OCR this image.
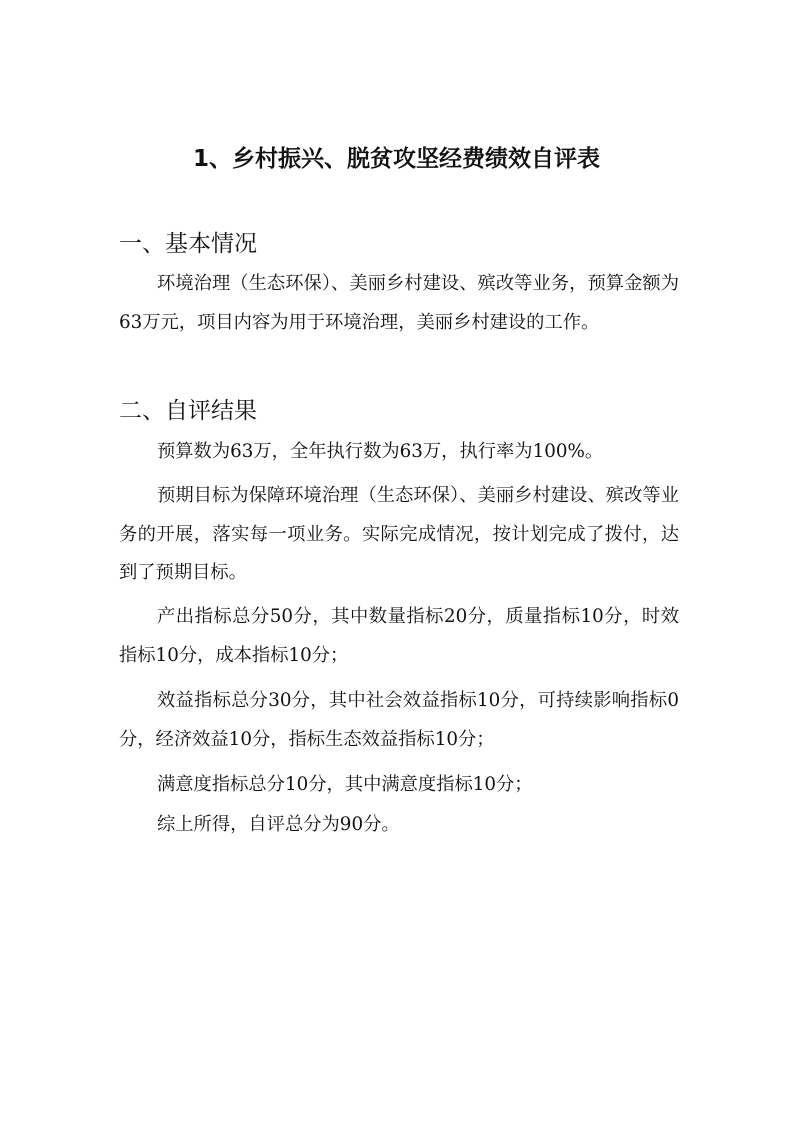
1、乡村振兴、脱贫攻坚经费绩效自评表
一、基本情况
环境治理（生态环保）、美丽乡村建设、殡改等业务，预算金额为63万元，项目内容为用于环境治理，美丽乡村建设的工作。
二、自评结果
预算数为63万，全年执行数为63万，执行率为100%。
预期目标为保障环境治理（生态环保）、美丽乡村建设、殡改等业务的开展，落实每一项业务。实际完成情况，按计划完成了拨付，达到了预期目标。
产出指标总分50分，其中数量指标20分，质量指标10分，时效指标10分，成本指标10分；
效益指标总分30分，其中社会效益指标10分，可持续影响指标0分，经济效益10分，指标生态效益指标10分；
满意度指标总分10分，其中满意度指标10分；
综上所得，自评总分为90分。
